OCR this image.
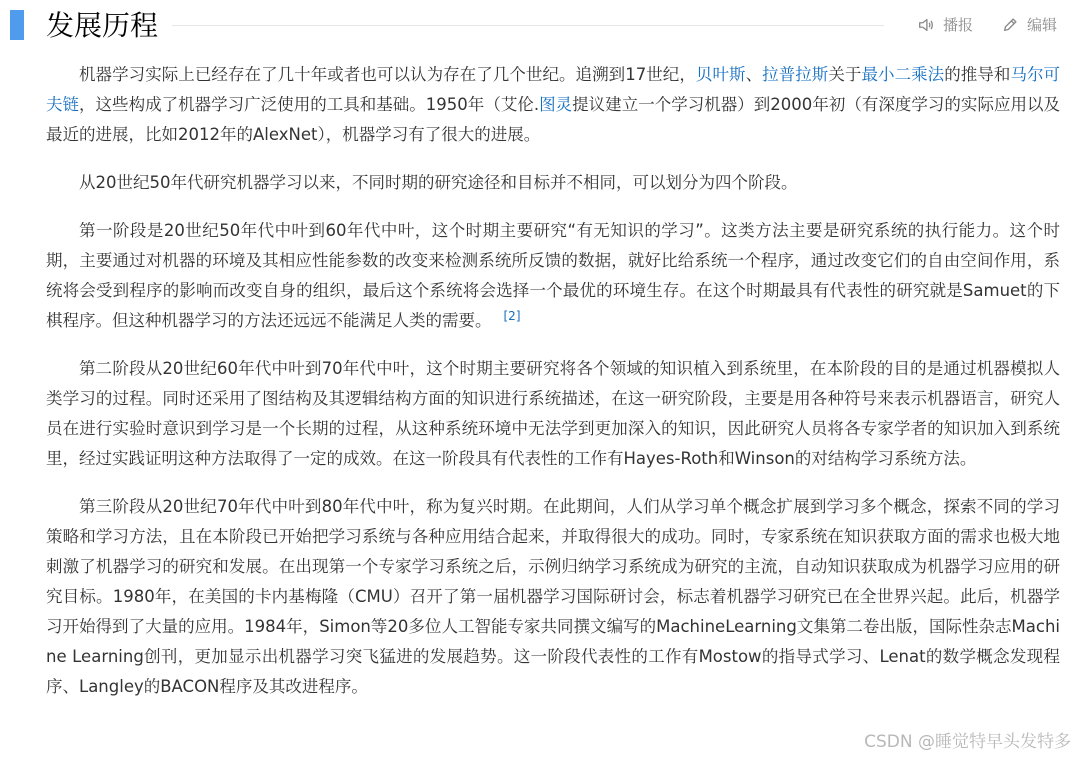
发展历程	播报	编辑

机器学习实际上已经存在了几十年或者也可以认为存在了几个世纪。追溯到17世纪，贝叶斯、拉普拉斯关于最小二乘法的推导和马尔可夫链，这些构成了机器学习广泛使用的工具和基础。1950年（艾伦.图灵提议建立一个学习机器）到2000年初（有深度学习的实际应用以及最近的进展，比如2012年的AlexNet），机器学习有了很大的进展。

从20世纪50年代研究机器学习以来，不同时期的研究途径和目标并不相同，可以划分为四个阶段。

第一阶段是20世纪50年代中叶到60年代中叶，这个时期主要研究“有无知识的学习”。这类方法主要是研究系统的执行能力。这个时期，主要通过对机器的环境及其相应性能参数的改变来检测系统所反馈的数据，就好比给系统一个程序，通过改变它们的自由空间作用，系统将会受到程序的影响而改变自身的组织，最后这个系统将会选择一个最优的环境生存。在这个时期最具有代表性的研究就是Samuet的下棋程序。但这种机器学习的方法还远远不能满足人类的需要。 [2]

第二阶段从20世纪60年代中叶到70年代中叶，这个时期主要研究将各个领域的知识植入到系统里，在本阶段的目的是通过机器模拟人类学习的过程。同时还采用了图结构及其逻辑结构方面的知识进行系统描述，在这一研究阶段，主要是用各种符号来表示机器语言，研究人员在进行实验时意识到学习是一个长期的过程，从这种系统环境中无法学到更加深入的知识，因此研究人员将各专家学者的知识加入到系统里，经过实践证明这种方法取得了一定的成效。在这一阶段具有代表性的工作有Hayes-Roth和Winson的对结构学习系统方法。

第三阶段从20世纪70年代中叶到80年代中叶，称为复兴时期。在此期间，人们从学习单个概念扩展到学习多个概念，探索不同的学习策略和学习方法，且在本阶段已开始把学习系统与各种应用结合起来，并取得很大的成功。同时，专家系统在知识获取方面的需求也极大地刺激了机器学习的研究和发展。在出现第一个专家学习系统之后，示例归纳学习系统成为研究的主流，自动知识获取成为机器学习应用的研究目标。1980年，在美国的卡内基梅隆（CMU）召开了第一届机器学习国际研讨会，标志着机器学习研究已在全世界兴起。此后，机器学习开始得到了大量的应用。1984年，Simon等20多位人工智能专家共同撰文编写的MachineLearning文集第二卷出版，国际性杂志Machine Learning创刊，更加显示出机器学习突飞猛进的发展趋势。这一阶段代表性的工作有Mostow的指导式学习、Lenat的数学概念发现程序、Langley的BACON程序及其改进程序。

CSDN @睡觉特早头发特多
